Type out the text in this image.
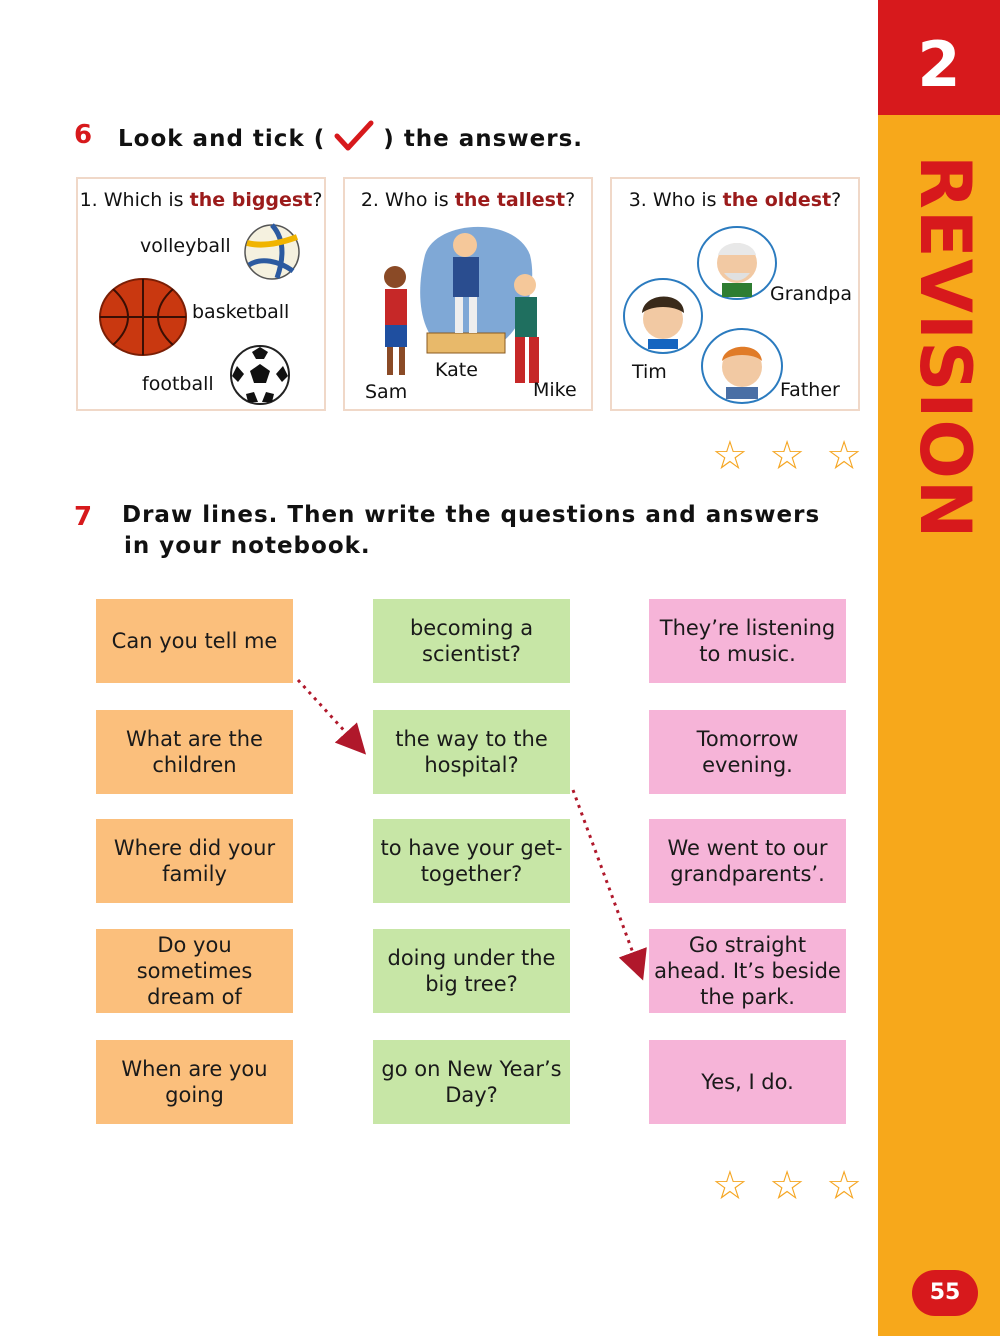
2
REVISION
55
6 Look and tick (	) the answers.
1. Which is the biggest?
volleyball
basketball
football
2. Who is the tallest?
Sam
Kate
Mike
3. Who is the oldest?
Grandpa
Tim
Father
☆ ☆ ☆
7 Draw lines. Then write the questions and answers
in your notebook.
Can you tell me
What are the children
Where did your family
Do you sometimes dream of
When are you going
becoming a scientist?
the way to the hospital?
to have your get-together?
doing under the big tree?
go on New Year’s Day?
They’re listening to music.
Tomorrow evening.
We went to our grandparents’.
Go straight ahead. It’s beside the park.
Yes, I do.
☆ ☆ ☆
